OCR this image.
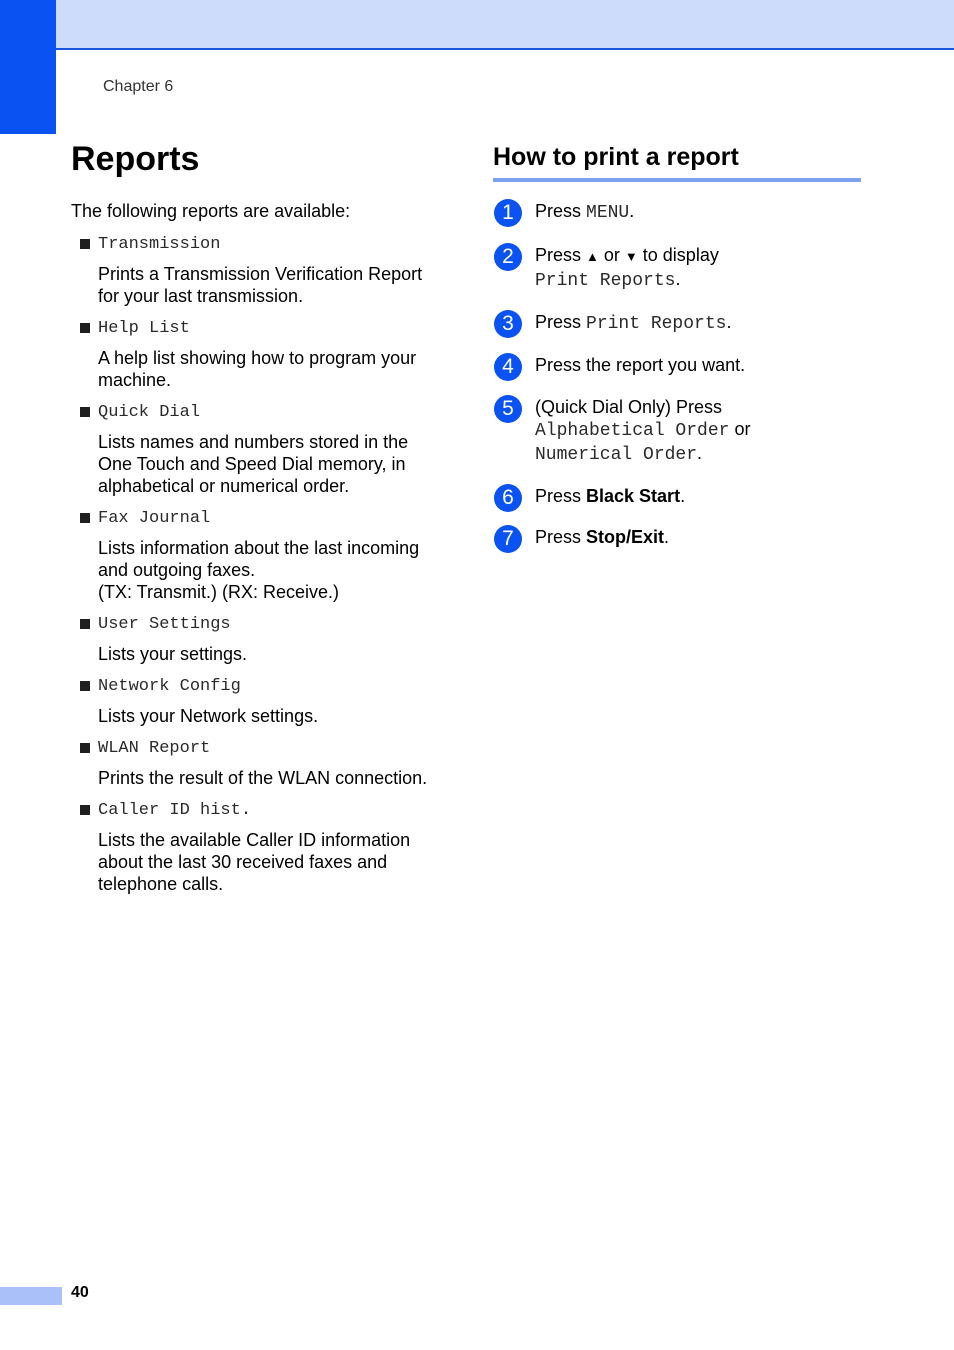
Chapter 6
Reports
The following reports are available:
Transmission
Prints a Transmission Verification Report
for your last transmission.
Help List
A help list showing how to program your
machine.
Quick Dial
Lists names and numbers stored in the
One Touch and Speed Dial memory, in
alphabetical or numerical order.
Fax Journal
Lists information about the last incoming
and outgoing faxes.
(TX: Transmit.) (RX: Receive.)
User Settings
Lists your settings.
Network Config
Lists your Network settings.
WLAN Report
Prints the result of the WLAN connection.
Caller ID hist.
Lists the available Caller ID information
about the last 30 received faxes and
telephone calls.
How to print a report
1	Press MENU.
2	Press ▲ or ▼ to display
Print Reports.
3	Press Print Reports.
4	Press the report you want.
5	(Quick Dial Only) Press
Alphabetical Order or
Numerical Order.
6	Press Black Start.
7	Press Stop/Exit.
40
